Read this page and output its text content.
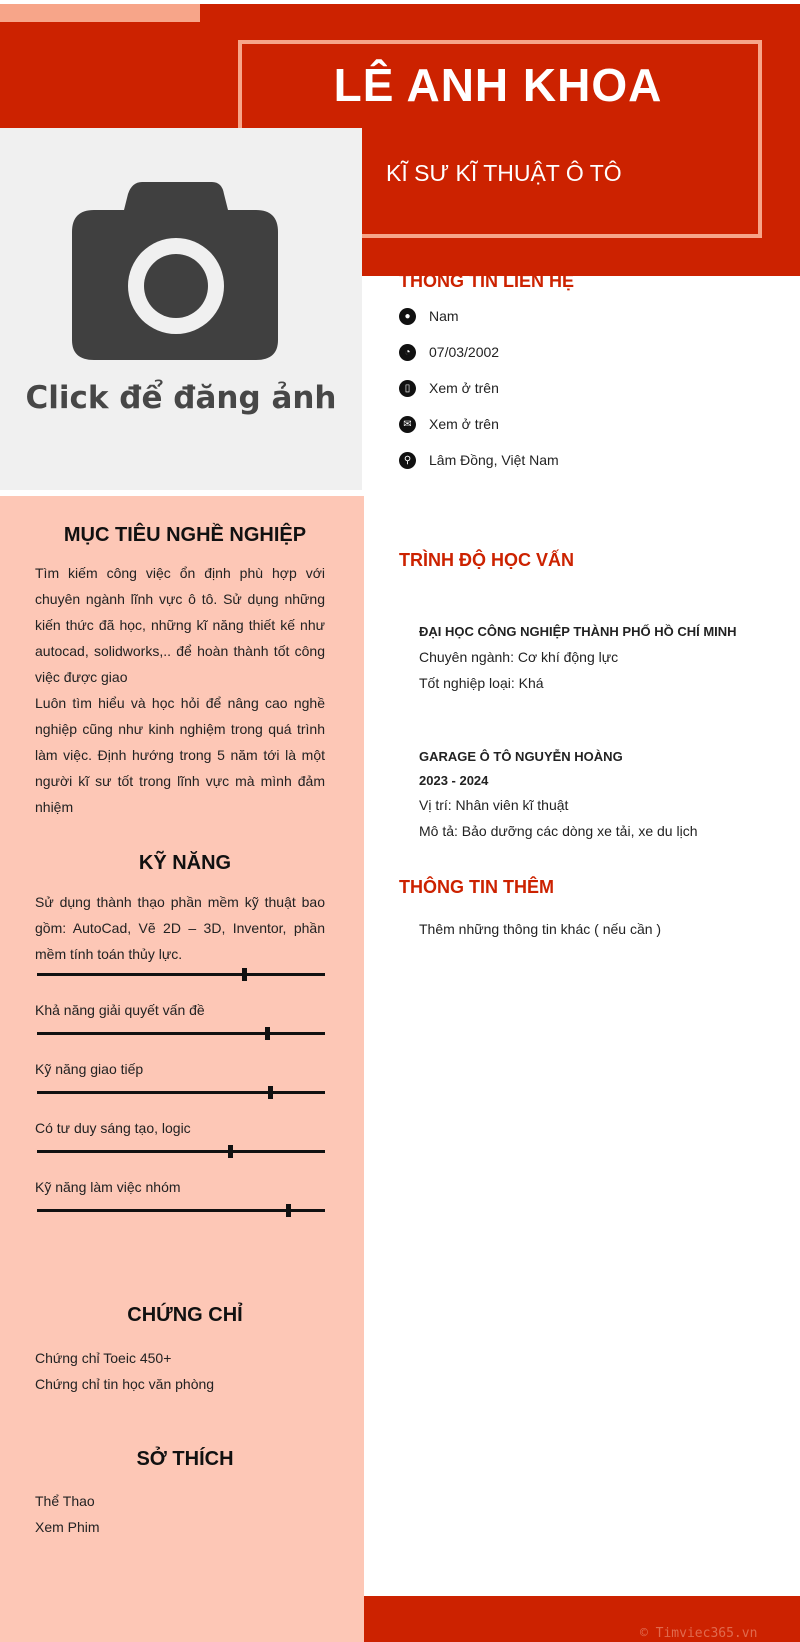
LÊ ANH KHOA
KĨ SƯ KĨ THUẬT Ô TÔ
Click để đăng ảnh
MỤC TIÊU NGHỀ NGHIỆP
Tìm kiếm công việc ổn định phù hợp với chuyên ngành lĩnh vực ô tô. Sử dụng những kiến thức đã học, những kĩ năng thiết kế như autocad, solidworks,.. để hoàn thành tốt công việc được giao
Luôn tìm hiểu và học hỏi để nâng cao nghề nghiệp cũng như kinh nghiệm trong quá trình làm việc. Định hướng trong 5 năm tới là một người kĩ sư tốt trong lĩnh vực mà mình đảm nhiệm
KỸ NĂNG
Sử dụng thành thạo phần mềm kỹ thuật bao gồm: AutoCad, Vẽ 2D – 3D, Inventor, phần mềm tính toán thủy lực.
Khả năng giải quyết vấn đề
Kỹ năng giao tiếp
Có tư duy sáng tạo, logic
Kỹ năng làm việc nhóm
CHỨNG CHỈ
Chứng chỉ Toeic 450+
Chứng chỉ tin học văn phòng
SỞ THÍCH
Thể Thao
Xem Phim
THÔNG TIN LIÊN HỆ
●	Nam
◔	07/03/2002
▯	Xem ở trên
✉	Xem ở trên
⚲	Lâm Đồng, Việt Nam
TRÌNH ĐỘ HỌC VẤN
ĐẠI HỌC CÔNG NGHIỆP THÀNH PHỐ HỒ CHÍ MINH
Chuyên ngành: Cơ khí động lực
Tốt nghiệp loại: Khá
GARAGE Ô TÔ NGUYỄN HOÀNG
2023 - 2024
Vị trí: Nhân viên kĩ thuật
Mô tả: Bảo dưỡng các dòng xe tải, xe du lịch
THÔNG TIN THÊM
Thêm những thông tin khác ( nếu cần )
© Timviec365.vn
